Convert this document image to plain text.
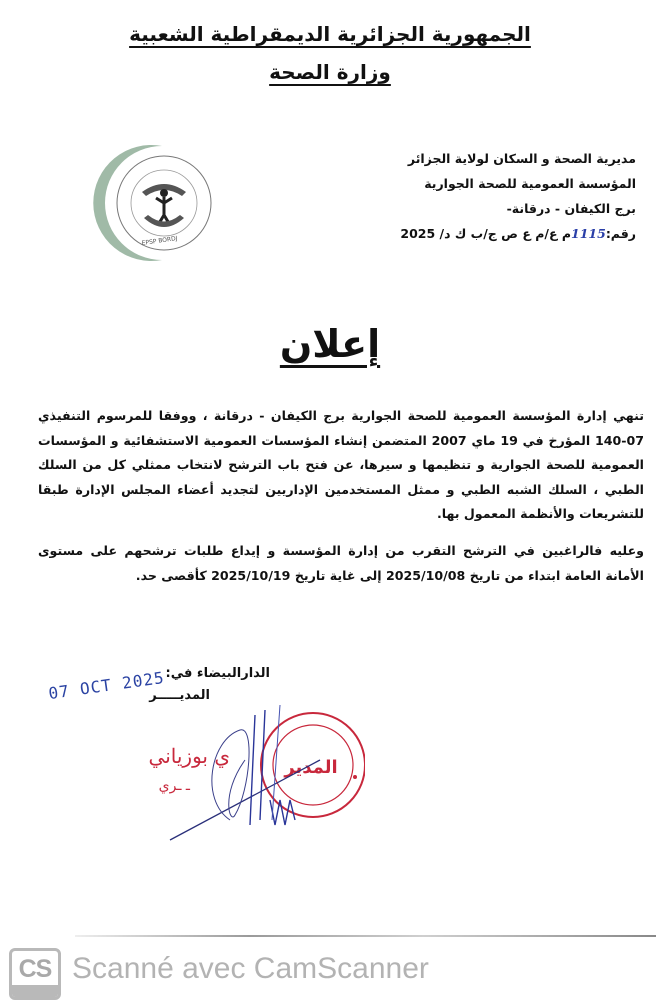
الجمهورية الجزائرية الديمقراطية الشعبية
وزارة الصحة
EPSP BORDJ
مديرية الصحة و السكان لولاية الجزائر
المؤسسة العمومية للصحة الجوارية
برج الكيفان - درقانة-
رقم:1115م ع/م ع ص ج/ب ك د/ 2025
إعلان
تنهي إدارة المؤسسة العمومية للصحة الجوارية برج الكيفان - درقانة ، ووفقا للمرسوم التنفيذي 07-140 المؤرخ في 19 ماي 2007 المتضمن إنشاء المؤسسات العمومية الاستشفائية و المؤسسات العمومية للصحة الجوارية و تنظيمها و سيرها، عن فتح باب الترشح لانتخاب ممثلي كل من السلك الطبي ، السلك الشبه الطبي و ممثل المستخدمين الإداريين لتجديد أعضاء المجلس الإدارة طبقا للتشريعات والأنظمة المعمول بها.
وعليه فالراغبين في الترشح التقرب من إدارة المؤسسة و إيداع طلبات ترشحهم على مستوى الأمانة العامة ابتداء من تاريخ 2025/10/08 إلى غاية تاريخ 2025/10/19 كأقصى حد.
07 OCT 2025 الدارالبيضاء في:
المديـــــر
ي بوزياني
ـ ـري
المدير
CS Scanné avec CamScanner
